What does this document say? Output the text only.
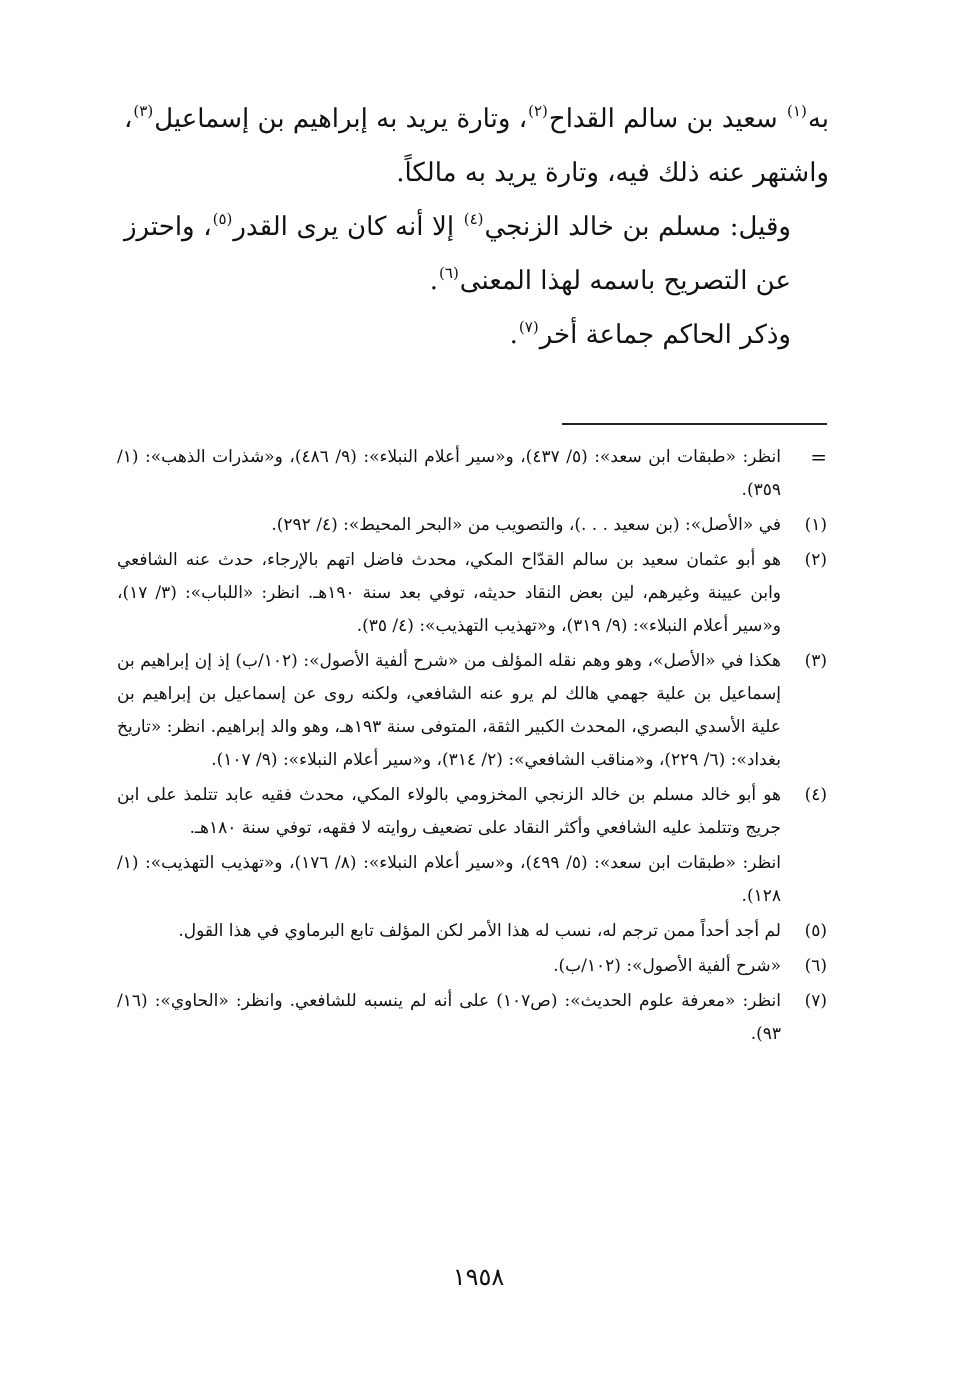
به$^{(١)}$ سعيد بن سالم القداح$^{(٢)}$، وتارة يريد به إبراهيم بن إسماعيل$^{(٣)}$، واشتهر عنه ذلك فيه، وتارة يريد به مالكاً.

وقيل: مسلم بن خالد الزنجي$^{(٤)}$ إلا أنه كان يرى القدر$^{(٥)}$، واحترز عن التصريح باسمه لهذا المعنى$^{(٦)}$.

وذكر الحاكم جماعة أخر$^{(٧)}$.

=
انظر: «طبقات ابن سعد»: (٥/ ٤٣٧)، و«سير أعلام النبلاء»: (٩/ ٤٨٦)، و«شذرات الذهب»: (١/ ٣٥٩).
(١)
في «الأصل»: (بن سعيد . . .)، والتصويب من «البحر المحيط»: (٤/ ٢٩٢).
(٢)
هو أبو عثمان سعيد بن سالم القدّاح المكي، محدث فاضل اتهم بالإرجاء، حدث عنه الشافعي وابن عيينة وغيرهم، لين بعض النقاد حديثه، توفي بعد سنة ١٩٠هـ. انظر: «اللباب»: (٣/ ١٧)، و«سير أعلام النبلاء»: (٩/ ٣١٩)، و«تهذيب التهذيب»: (٤/ ٣٥).
(٣)
هكذا في «الأصل»، وهو وهم نقله المؤلف من «شرح ألفية الأصول»: (١٠٢/ب) إذ إن إبراهيم بن إسماعيل بن علية جهمي هالك لم يرو عنه الشافعي، ولكنه روى عن إسماعيل بن إبراهيم بن علية الأسدي البصري، المحدث الكبير الثقة، المتوفى سنة ١٩٣هـ، وهو والد إبراهيم. انظر: «تاريخ بغداد»: (٦/ ٢٢٩)، و«مناقب الشافعي»: (٢/ ٣١٤)، و«سير أعلام النبلاء»: (٩/ ١٠٧).
(٤)
هو أبو خالد مسلم بن خالد الزنجي المخزومي بالولاء المكي، محدث فقيه عابد تتلمذ على ابن جريج وتتلمذ عليه الشافعي وأكثر النقاد على تضعيف روايته لا فقهه، توفي سنة ١٨٠هـ.
انظر: «طبقات ابن سعد»: (٥/ ٤٩٩)، و«سير أعلام النبلاء»: (٨/ ١٧٦)، و«تهذيب التهذيب»: (١/ ١٢٨).
(٥)
لم أجد أحداً ممن ترجم له، نسب له هذا الأمر لكن المؤلف تابع البرماوي في هذا القول.
(٦)
«شرح ألفية الأصول»: (١٠٢/ب).
(٧)
انظر: «معرفة علوم الحديث»: (ص١٠٧) على أنه لم ينسبه للشافعي. وانظر: «الحاوي»: (١٦/ ٩٣).
١٩٥٨
